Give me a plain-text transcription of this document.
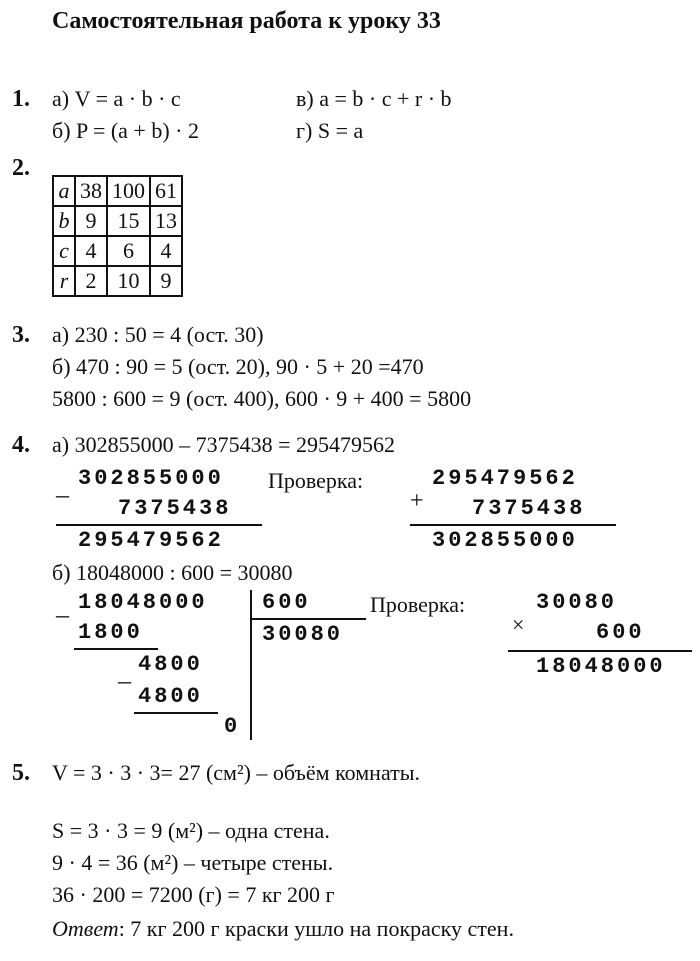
Самостоятельная работа к уроку 33
1. а) V = a · b · c
б) P = (a + b) · 2
в) a = b · c + r · b
г) S = a
2.
a	38	100	61
b	9	15	13
c	4	6	4
r	2	10	9
3. а) 230 : 50 = 4 (ост. 30)
б) 470 : 90 = 5 (ост. 20), 90 · 5 + 20 =470
5800 : 600 = 9 (ост. 400), 600 · 9 + 400 = 5800
4. а) 302855000 – 7375438 = 295479562
–
302855000
7375438
295479562
Проверка:
+
295479562
7375438
302855000
б) 18048000 : 600 = 30080
– 18048000 600
30080
1800
–
4800
4800
0
Проверка:
×
30080
600
18048000
5. V = 3 · 3 · 3= 27 (см²) – объём комнаты.
S = 3 · 3 = 9 (м²) – одна стена.
9 · 4 = 36 (м²) – четыре стены.
36 · 200 = 7200 (г) = 7 кг 200 г
Ответ: 7 кг 200 г краски ушло на покраску стен.
